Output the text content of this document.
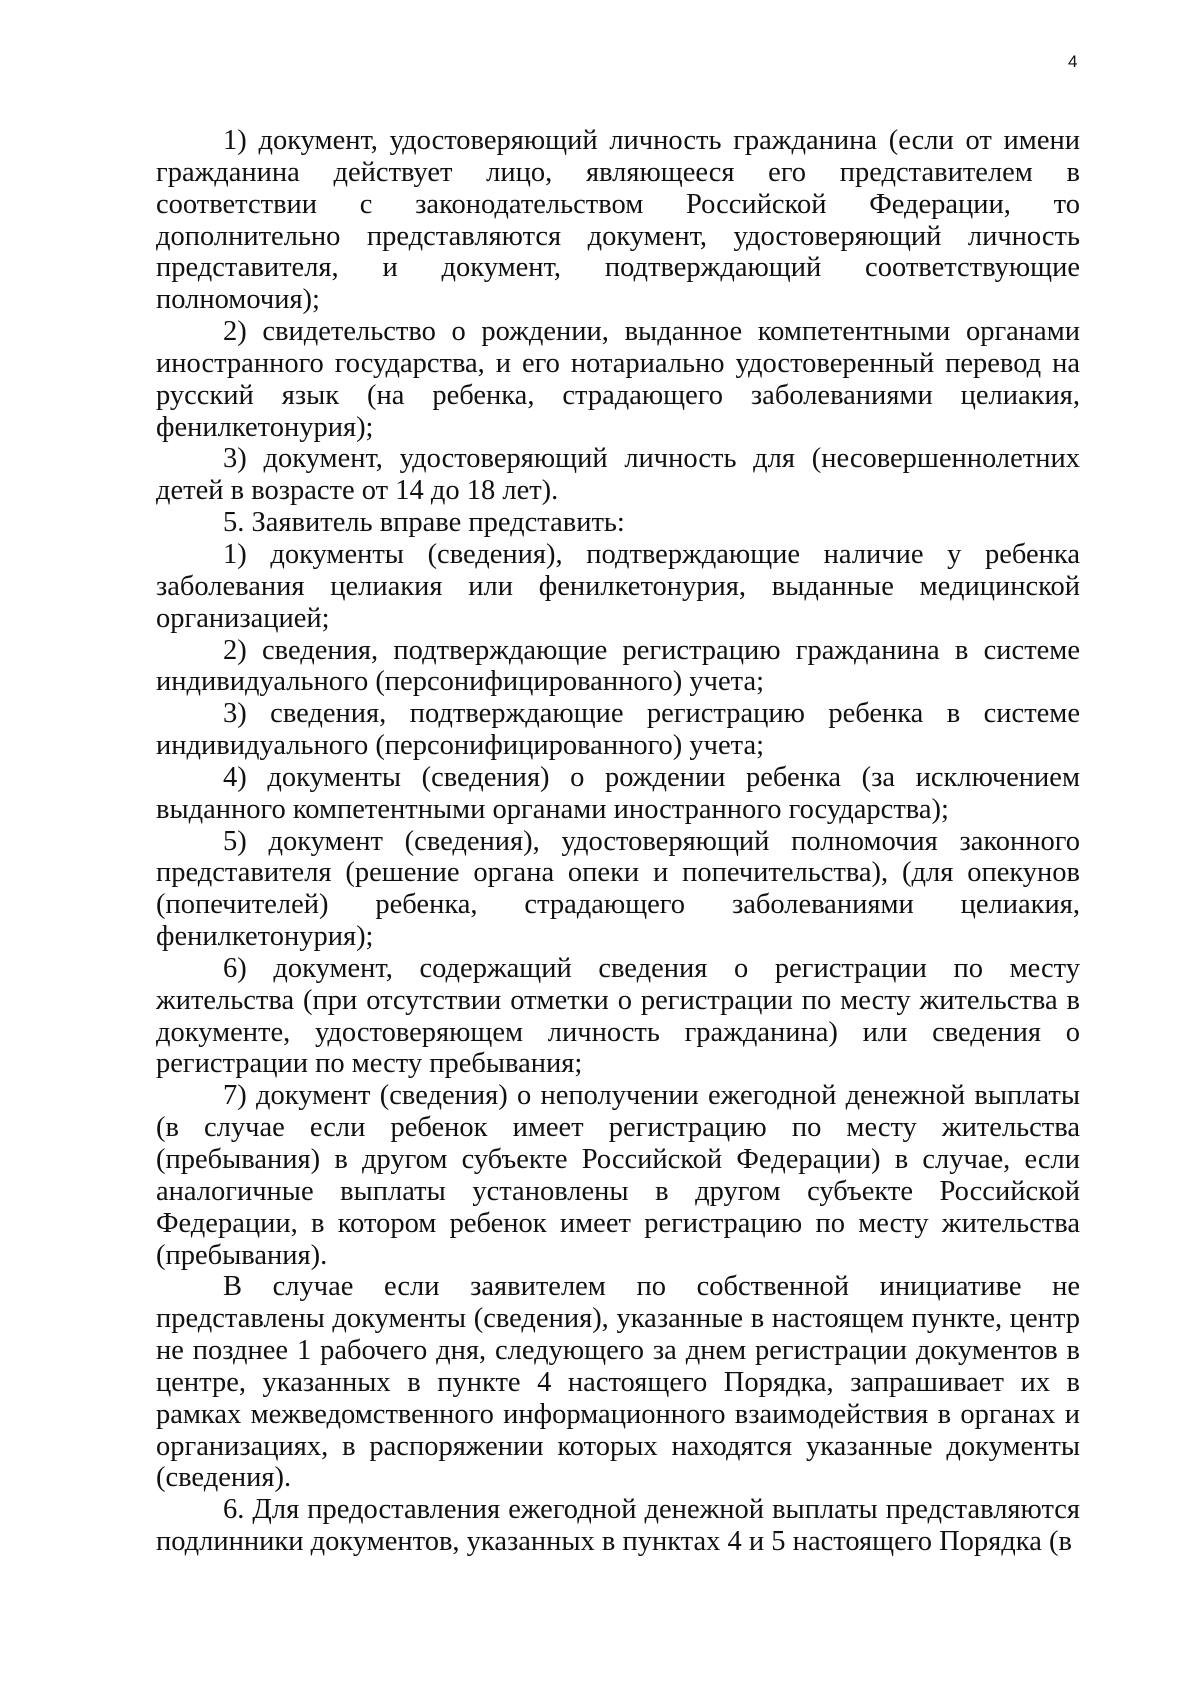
4

1) документ, удостоверяющий личность гражданина (если от имени гражданина действует лицо, являющееся его представителем в соответствии с законодательством Российской Федерации, то дополнительно представляются документ, удостоверяющий личность представителя, и документ, подтверждающий соответствующие полномочия);

2) свидетельство о рождении, выданное компетентными органами иностранного государства, и его нотариально удостоверенный перевод на русский язык (на ребенка, страдающего заболеваниями целиакия, фенилкетонурия);

3) документ, удостоверяющий личность для (несовершеннолетних детей в возрасте от 14 до 18 лет).

5. Заявитель вправе представить:

1) документы (сведения), подтверждающие наличие у ребенка заболевания целиакия или фенилкетонурия, выданные медицинской организацией;

2) сведения, подтверждающие регистрацию гражданина в системе индивидуального (персонифицированного) учета;

3) сведения, подтверждающие регистрацию ребенка в системе индивидуального (персонифицированного) учета;

4) документы (сведения) о рождении ребенка (за исключением выданного компетентными органами иностранного государства);

5) документ (сведения), удостоверяющий полномочия законного представителя (решение органа опеки и попечительства), (для опекунов (попечителей) ребенка, страдающего заболеваниями целиакия, фенилкетонурия);

6) документ, содержащий сведения о регистрации по месту жительства (при отсутствии отметки о регистрации по месту жительства в документе, удостоверяющем личность гражданина) или сведения о регистрации по месту пребывания;

7) документ (сведения) о неполучении ежегодной денежной выплаты (в случае если ребенок имеет регистрацию по месту жительства (пребывания) в другом субъекте Российской Федерации) в случае, если аналогичные выплаты установлены в другом субъекте Российской Федерации, в котором ребенок имеет регистрацию по месту жительства (пребывания).

В случае если заявителем по собственной инициативе не представлены документы (сведения), указанные в настоящем пункте, центр не позднее 1 рабочего дня, следующего за днем регистрации документов в центре, указанных в пункте 4 настоящего Порядка, запрашивает их в рамках межведомственного информационного взаимодействия в органах и организациях, в распоряжении которых находятся указанные документы (сведения).

6. Для предоставления ежегодной денежной выплаты представляются подлинники документов, указанных в пунктах 4 и 5 настоящего Порядка (в
